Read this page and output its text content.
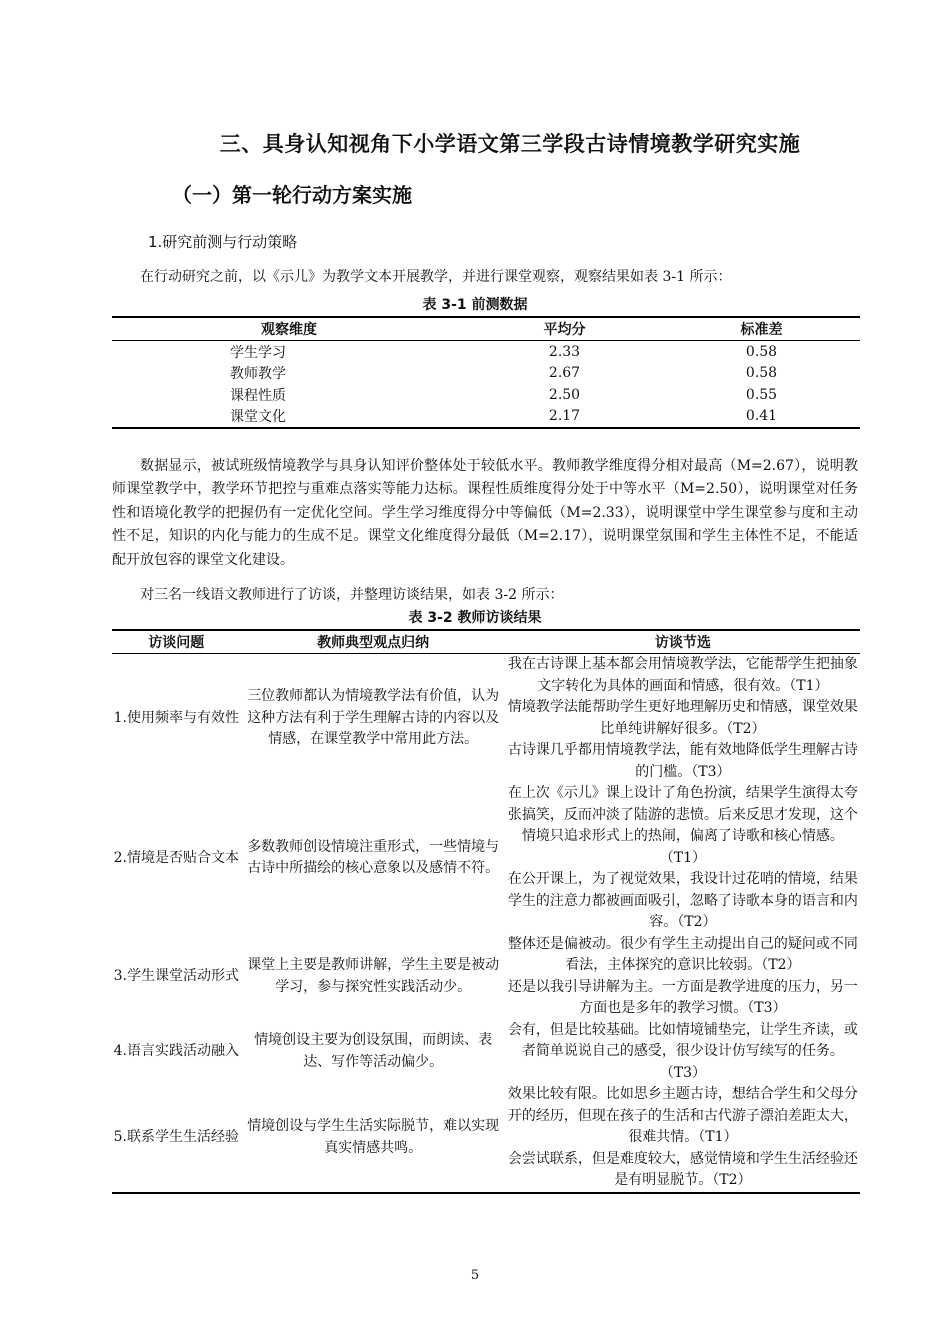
三、具身认知视角下小学语文第三学段古诗情境教学研究实施
（一）第一轮行动方案实施
1.研究前测与行动策略
在行动研究之前，以《示儿》为教学文本开展教学，并进行课堂观察，观察结果如表 3-1 所示：
表 3-1 前测数据
观察维度	平均分	标准差
学生学习	2.33	0.58
教师教学	2.67	0.58
课程性质	2.50	0.55
课堂文化	2.17	0.41
数据显示，被试班级情境教学与具身认知评价整体处于较低水平。教师教学维度得分相对最高（M=2.67），说明教师课堂教学中，教学环节把控与重难点落实等能力达标。课程性质维度得分处于中等水平（M=2.50），说明课堂对任务性和语境化教学的把握仍有一定优化空间。学生学习维度得分中等偏低（M=2.33），说明课堂中学生课堂参与度和主动性不足，知识的内化与能力的生成不足。课堂文化维度得分最低（M=2.17），说明课堂氛围和学生主体性不足，不能适配开放包容的课堂文化建设。
对三名一线语文教师进行了访谈，并整理访谈结果，如表 3-2 所示：
表 3-2 教师访谈结果
访谈问题	教师典型观点归纳	访谈节选
1.使用频率与有效性	三位教师都认为情境教学法有价值，认为这种方法有利于学生理解古诗的内容以及情感，在课堂教学中常用此方法。	我在古诗课上基本都会用情境教学法，它能帮学生把抽象文字转化为具体的画面和情感，很有效。（T1）
情境教学法能帮助学生更好地理解历史和情感，课堂效果比单纯讲解好很多。（T2）
古诗课几乎都用情境教学法，能有效地降低学生理解古诗的门槛。（T3）

2.情境是否贴合文本	多数教师创设情境注重形式，一些情境与古诗中所描绘的核心意象以及感情不符。	在上次《示儿》课上设计了角色扮演，结果学生演得太夸张搞笑，反而冲淡了陆游的悲愤。后来反思才发现，这个情境只追求形式上的热闹，偏离了诗歌和核心情感。（T1）
在公开课上，为了视觉效果，我设计过花哨的情境，结果学生的注意力都被画面吸引，忽略了诗歌本身的语言和内容。（T2）

3.学生课堂活动形式	课堂上主要是教师讲解，学生主要是被动学习，参与探究性实践活动少。	整体还是偏被动。很少有学生主动提出自己的疑问或不同看法，主体探究的意识比较弱。（T2）
还是以我引导讲解为主。一方面是教学进度的压力，另一方面也是多年的教学习惯。（T3）

4.语言实践活动融入	情境创设主要为创设氛围，而朗读、表达、写作等活动偏少。	会有，但是比较基础。比如情境铺垫完，让学生齐读，或者简单说说自己的感受，很少设计仿写续写的任务。（T3）

5.联系学生生活经验	情境创设与学生生活实际脱节，难以实现真实情感共鸣。	效果比较有限。比如思乡主题古诗，想结合学生和父母分开的经历，但现在孩子的生活和古代游子漂泊差距太大，很难共情。（T1）
会尝试联系，但是难度较大，感觉情境和学生生活经验还是有明显脱节。（T2）
5
